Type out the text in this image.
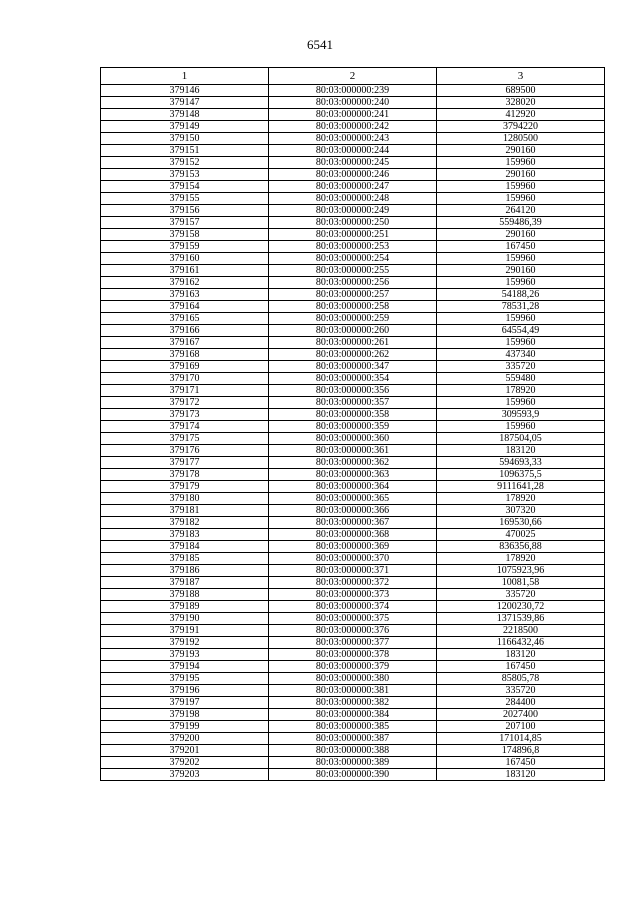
6541
1	2	3
379146	80:03:000000:239	689500
379147	80:03:000000:240	328020
379148	80:03:000000:241	412920
379149	80:03:000000:242	3794220
379150	80:03:000000:243	1280500
379151	80:03:000000:244	290160
379152	80:03:000000:245	159960
379153	80:03:000000:246	290160
379154	80:03:000000:247	159960
379155	80:03:000000:248	159960
379156	80:03:000000:249	264120
379157	80:03:000000:250	559486,39
379158	80:03:000000:251	290160
379159	80:03:000000:253	167450
379160	80:03:000000:254	159960
379161	80:03:000000:255	290160
379162	80:03:000000:256	159960
379163	80:03:000000:257	54188,26
379164	80:03:000000:258	78531,28
379165	80:03:000000:259	159960
379166	80:03:000000:260	64554,49
379167	80:03:000000:261	159960
379168	80:03:000000:262	437340
379169	80:03:000000:347	335720
379170	80:03:000000:354	559480
379171	80:03:000000:356	178920
379172	80:03:000000:357	159960
379173	80:03:000000:358	309593,9
379174	80:03:000000:359	159960
379175	80:03:000000:360	187504,05
379176	80:03:000000:361	183120
379177	80:03:000000:362	594693,33
379178	80:03:000000:363	1096375,5
379179	80:03:000000:364	9111641,28
379180	80:03:000000:365	178920
379181	80:03:000000:366	307320
379182	80:03:000000:367	169530,66
379183	80:03:000000:368	470025
379184	80:03:000000:369	836356,88
379185	80:03:000000:370	178920
379186	80:03:000000:371	1075923,96
379187	80:03:000000:372	10081,58
379188	80:03:000000:373	335720
379189	80:03:000000:374	1200230,72
379190	80:03:000000:375	1371539,86
379191	80:03:000000:376	2218500
379192	80:03:000000:377	1166432,46
379193	80:03:000000:378	183120
379194	80:03:000000:379	167450
379195	80:03:000000:380	85805,78
379196	80:03:000000:381	335720
379197	80:03:000000:382	284400
379198	80:03:000000:384	2027400
379199	80:03:000000:385	207100
379200	80:03:000000:387	171014,85
379201	80:03:000000:388	174896,8
379202	80:03:000000:389	167450
379203	80:03:000000:390	183120
